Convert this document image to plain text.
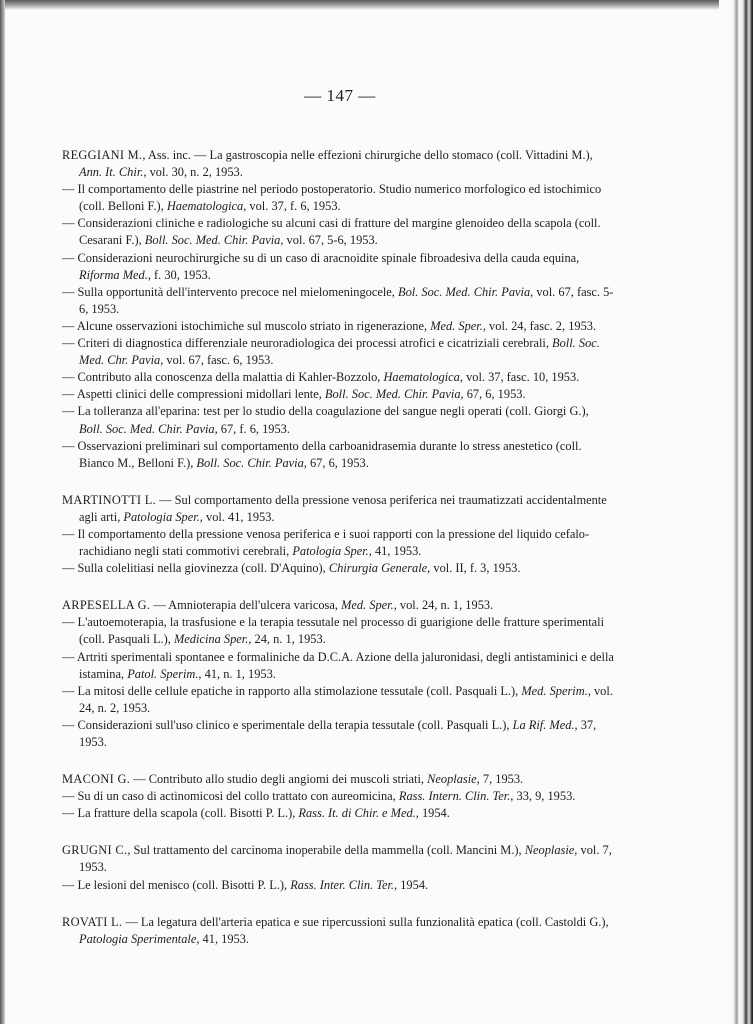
— 147 —
REGGIANI M., Ass. inc. — La gastroscopia nelle effezioni chirurgiche dello stomaco (coll. Vittadini M.), Ann. It. Chir., vol. 30, n. 2, 1953.
— Il comportamento delle piastrine nel periodo postoperatorio. Studio numerico morfologico ed istochimico (coll. Belloni F.), Haematologica, vol. 37, f. 6, 1953.
— Considerazioni cliniche e radiologiche su alcuni casi di fratture del margine glenoideo della scapola (coll. Cesarani F.), Boll. Soc. Med. Chir. Pavia, vol. 67, 5-6, 1953.
— Considerazioni neurochirurgiche su di un caso di aracnoidite spinale fibroadesiva della cauda equina, Riforma Med., f. 30, 1953.
— Sulla opportunità dell'intervento precoce nel mielomeningocele, Bol. Soc. Med. Chir. Pavia, vol. 67, fasc. 5-6, 1953.
— Alcune osservazioni istochimiche sul muscolo striato in rigenerazione, Med. Sper., vol. 24, fasc. 2, 1953.
— Criteri di diagnostica differenziale neuroradiologica dei processi atrofici e cicatriziali cerebrali, Boll. Soc. Med. Chr. Pavia, vol. 67, fasc. 6, 1953.
— Contributo alla conoscenza della malattia di Kahler-Bozzolo, Haematologica, vol. 37, fasc. 10, 1953.
— Aspetti clinici delle compressioni midollari lente, Boll. Soc. Med. Chir. Pavia, 67, 6, 1953.
— La tolleranza all'eparina: test per lo studio della coagulazione del sangue negli operati (coll. Giorgi G.), Boll. Soc. Med. Chir. Pavia, 67, f. 6, 1953.
— Osservazioni preliminari sul comportamento della carboanidrasemia durante lo stress anestetico (coll. Bianco M., Belloni F.), Boll. Soc. Chir. Pavia, 67, 6, 1953.
MARTINOTTI L. — Sul comportamento della pressione venosa periferica nei traumatizzati accidentalmente agli arti, Patologia Sper., vol. 41, 1953.
— Il comportamento della pressione venosa periferica e i suoi rapporti con la pressione del liquido cefalo-rachidiano negli stati commotivi cerebrali, Patologia Sper., 41, 1953.
— Sulla colelitiasi nella giovinezza (coll. D'Aquino), Chirurgia Generale, vol. II, f. 3, 1953.
ARPESELLA G. — Amnioterapia dell'ulcera varicosa, Med. Sper., vol. 24, n. 1, 1953.
— L'autoemoterapia, la trasfusione e la terapia tessutale nel processo di guarigione delle fratture sperimentali (coll. Pasquali L.), Medicina Sper., 24, n. 1, 1953.
— Artriti sperimentali spontanee e formaliniche da D.C.A. Azione della jaluronidasi, degli antistaminici e della istamina, Patol. Sperim., 41, n. 1, 1953.
— La mitosi delle cellule epatiche in rapporto alla stimolazione tessutale (coll. Pasquali L.), Med. Sperim., vol. 24, n. 2, 1953.
— Considerazioni sull'uso clinico e sperimentale della terapia tessutale (coll. Pasquali L.), La Rif. Med., 37, 1953.
MACONI G. — Contributo allo studio degli angiomi dei muscoli striati, Neoplasie, 7, 1953.
— Su di un caso di actinomicosi del collo trattato con aureomicina, Rass. Intern. Clin. Ter., 33, 9, 1953.
— La fratture della scapola (coll. Bisotti P. L.), Rass. It. di Chir. e Med., 1954.
GRUGNI C., Sul trattamento del carcinoma inoperabile della mammella (coll. Mancini M.), Neoplasie, vol. 7, 1953.
— Le lesioni del menisco (coll. Bisotti P. L.), Rass. Inter. Clin. Ter., 1954.
ROVATI L. — La legatura dell'arteria epatica e sue ripercussioni sulla funzionalità epatica (coll. Castoldi G.), Patologia Sperimentale, 41, 1953.
